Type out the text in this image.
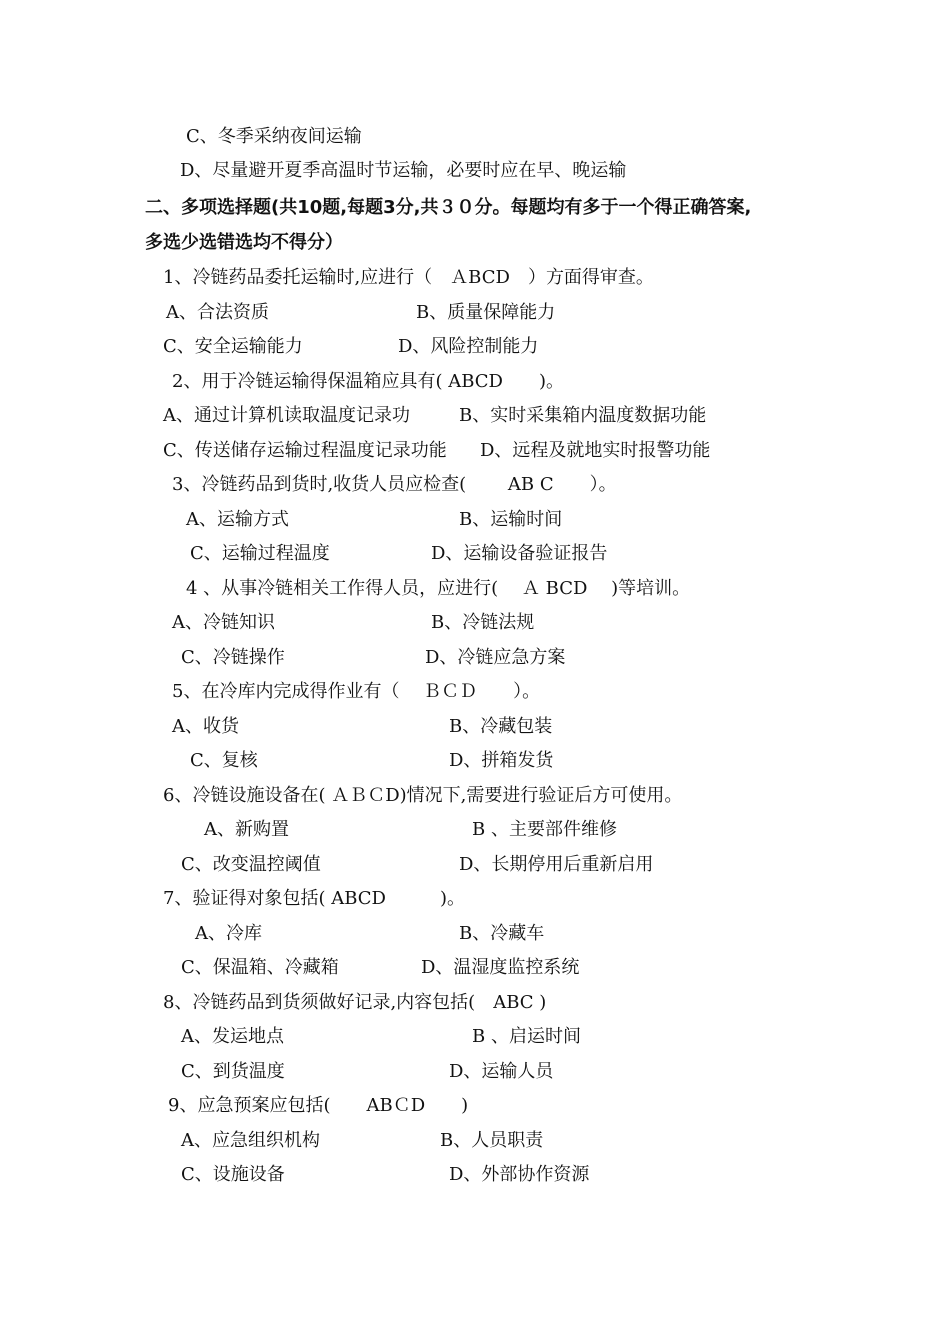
C、冬季采纳夜间运输
D、尽量避开夏季高温时节运输，必要时应在早、晚运输
二、多项选择题(共10题,每题3分,共３０分。每题均有多于一个得正确答案,
多选少选错选均不得分）
1、冷链药品委托运输时,应进行（　ＡBCD　）方面得审查。
A、合法资质	B、质量保障能力
C、安全运输能力	D、风险控制能力
2、用于冷链运输得保温箱应具有( ABCD　　)。
A、通过计算机读取温度记录功	B、实时采集箱内温度数据功能
C、传送储存运输过程温度记录功能 D、远程及就地实时报警功能
3、冷链药品到货时,收货人员应检查(　　 AB C　　）。
A、运输方式	B、运输时间
C、运输过程温度	D、运输设备验证报告
4 、从事冷链相关工作得人员，应进行(　 Ａ BCD　 )等培训。
A、冷链知识	B、冷链法规
C、冷链操作	D、冷链应急方案
5、在冷库内完成得作业有（　 ＢＣＤ　　）。
A、收货	B、冷藏包装
C、复核	D、拼箱发货
6、冷链设施设备在( ＡＢＣD)情况下,需要进行验证后方可使用。
A、新购置	B 、主要部件维修
C、改变温控阈值	D、长期停用后重新启用
7、验证得对象包括( ABCD　　　)。
A、冷库	B、冷藏车
C、保温箱、冷藏箱	D、温湿度监控系统
8、冷链药品到货须做好记录,内容包括(　ABC )
A、发运地点	B 、启运时间
C、到货温度	D、运输人员
9、应急预案应包括(　　ABＣD　　)
A、应急组织机构	B、人员职责
C、设施设备	D、外部协作资源
